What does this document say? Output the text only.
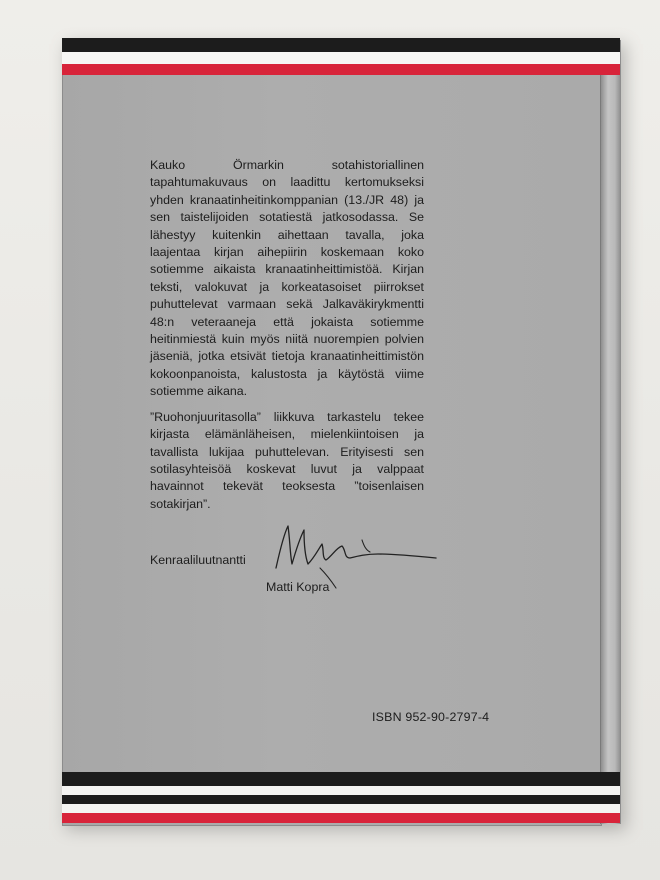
Kauko Örmarkin sotahistoriallinen tapahtumakuvaus on laadittu kertomukseksi yhden kranaatinheitinkomppanian (13./JR 48) ja sen taistelijoiden sotatiestä jatkosodassa. Se lähestyy kuitenkin aihettaan tavalla, joka laajentaa kirjan aihepiirin koskemaan koko sotiemme aikaista kranaatinheittimistöä. Kirjan teksti, valokuvat ja korkeatasoiset piirrokset puhuttelevat varmaan sekä Jalkaväkirykmentti 48:n veteraaneja että jokaista sotiemme heitinmiestä kuin myös niitä nuorempien polvien jäseniä, jotka etsivät tietoja kranaatinheittimistön kokoonpanoista, kalustosta ja käytöstä viime sotiemme aikana.

”Ruohonjuuritasolla” liikkuva tarkastelu tekee kirjasta elämänläheisen, mielenkiintoisen ja tavallista lukijaa puhuttelevan. Erityisesti sen sotilasyhteisöä koskevat luvut ja valppaat havainnot tekevät teoksesta ”toisenlaisen sotakirjan”.

Kenraaliluutnantti
Matti Kopra
ISBN 952-90-2797-4
